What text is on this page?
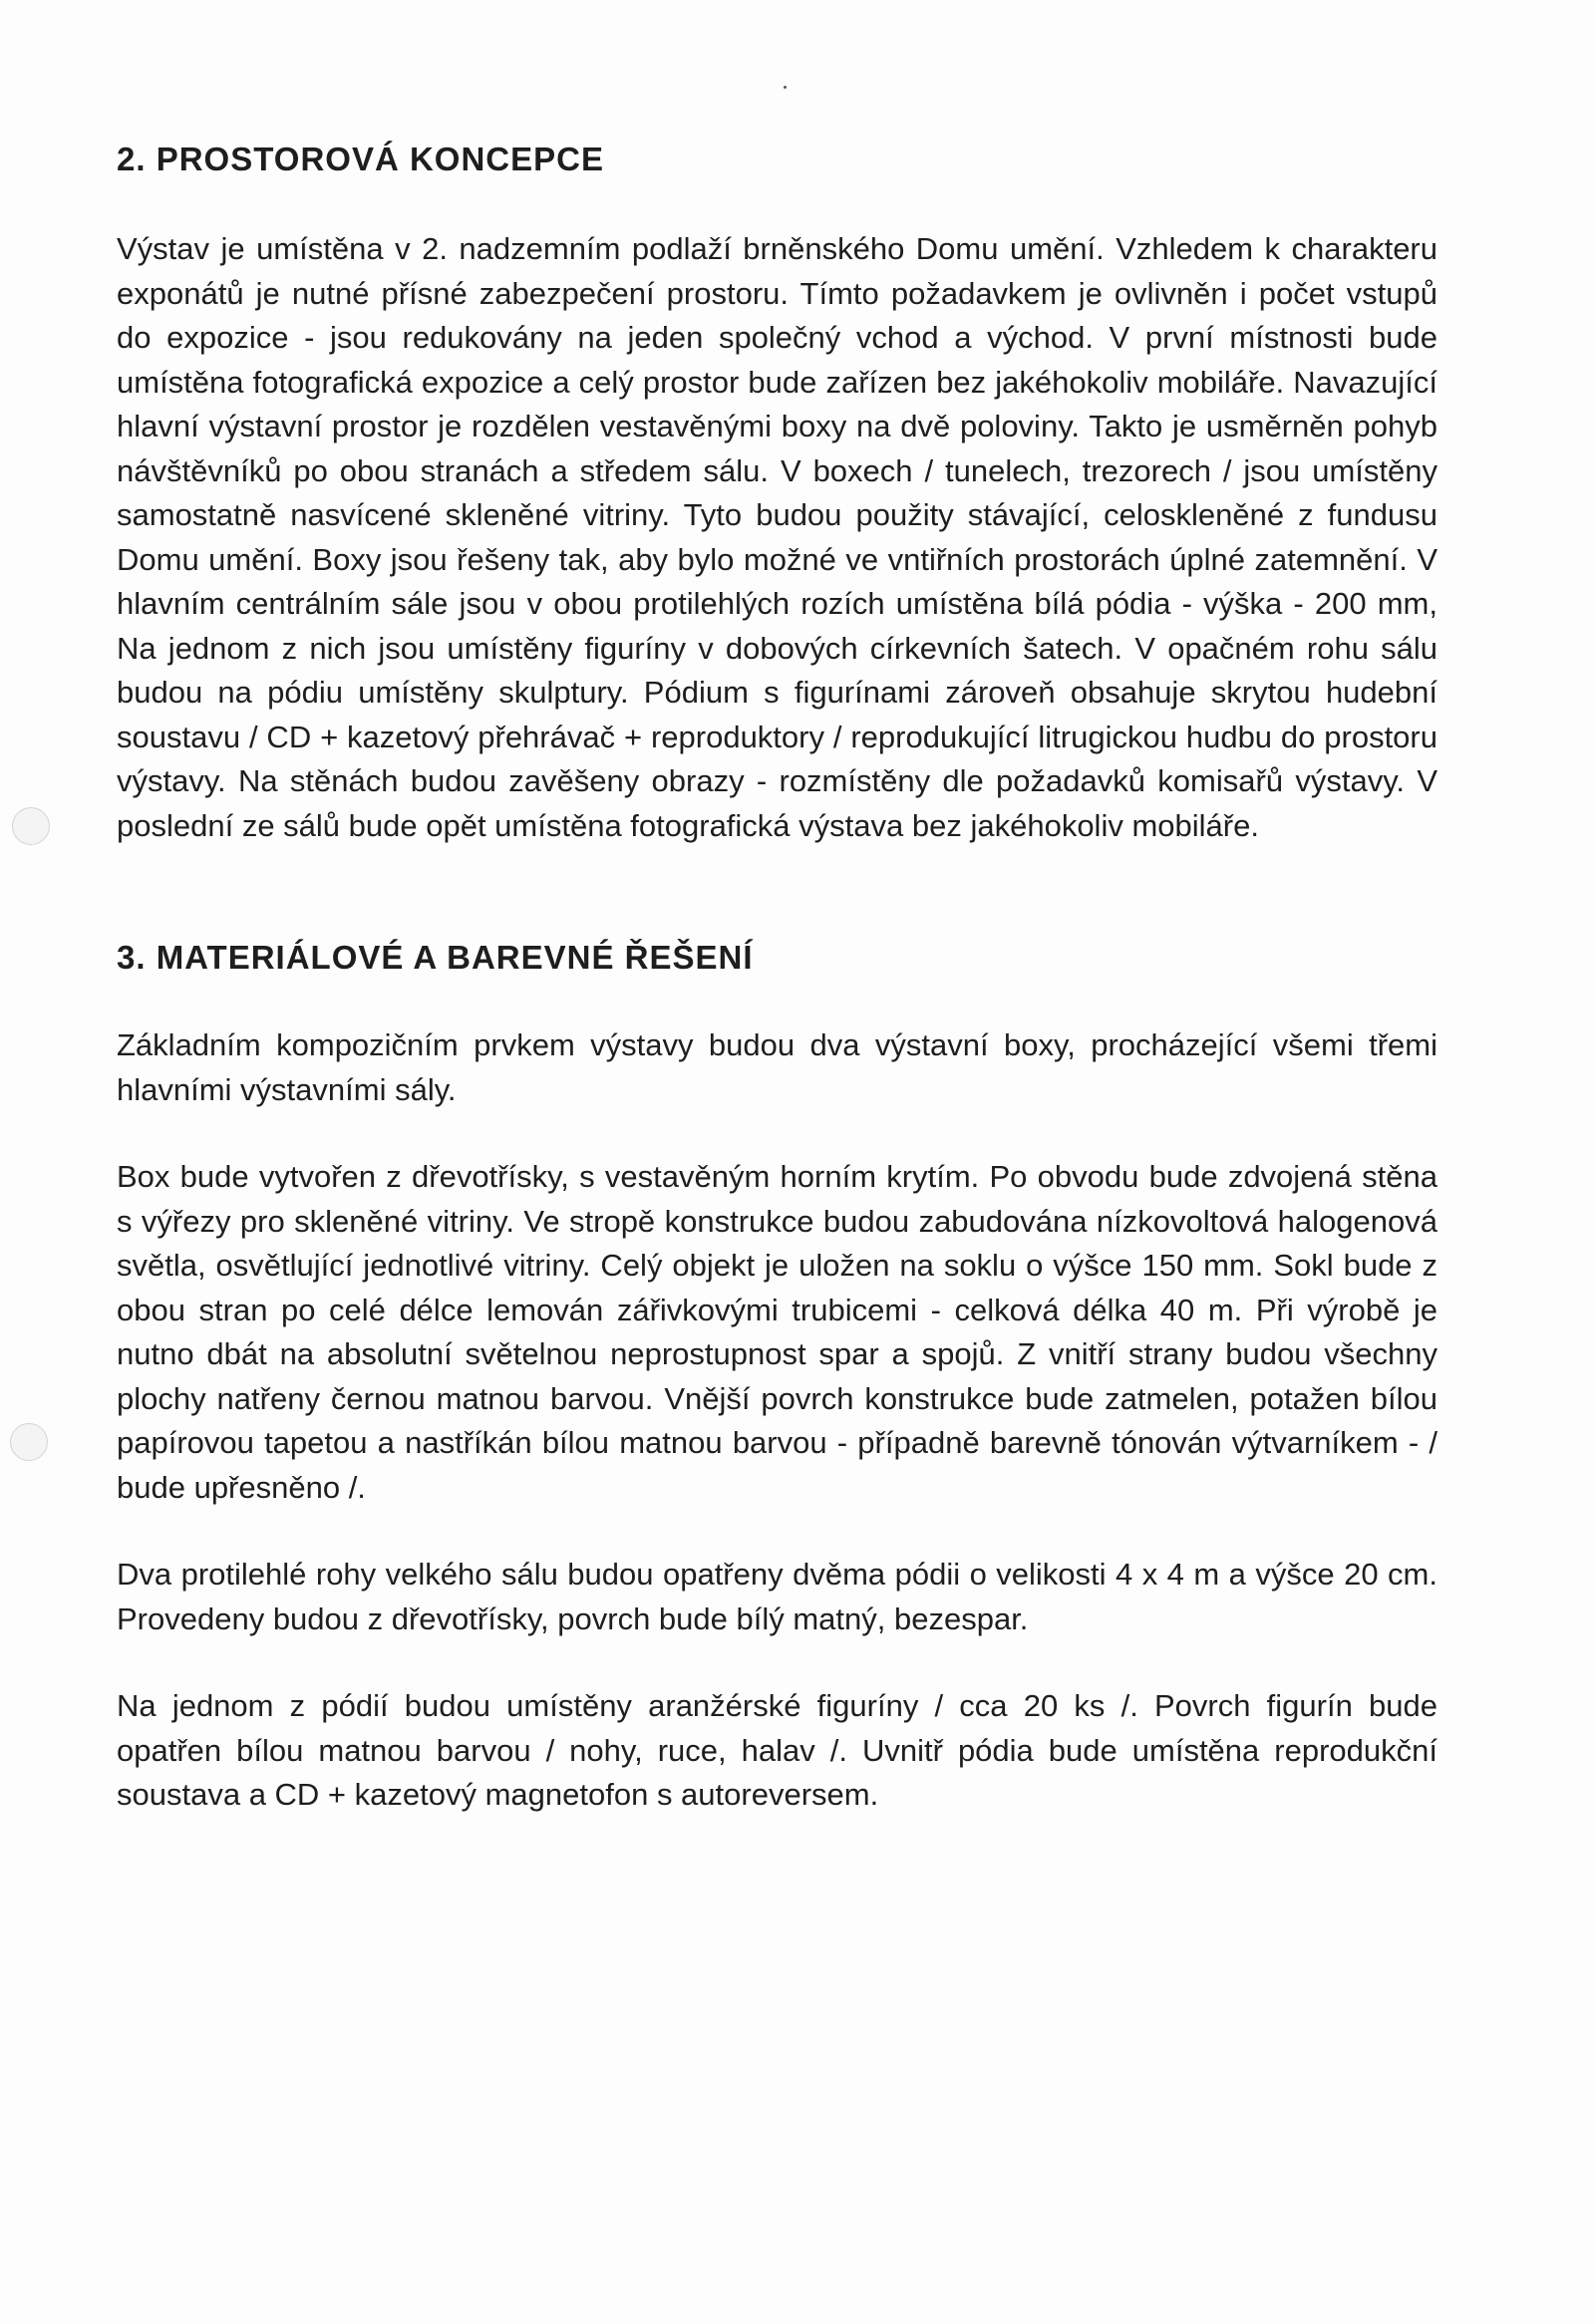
2. PROSTOROVÁ KONCEPCE

Výstav je umístěna v 2. nadzemním podlaží brněnského Domu umění. Vzhledem k charakteru exponátů je nutné přísné zabezpečení prostoru. Tímto požadavkem je ovlivněn i počet vstupů do expozice - jsou redukovány na jeden společný vchod a východ. V první místnosti bude umístěna fotografická expozice a celý prostor bude zařízen bez jakéhokoliv mobiláře. Navazující hlavní výstavní prostor je rozdělen vestavěnými boxy na dvě poloviny. Takto je usměrněn pohyb návštěvníků po obou stranách a středem sálu. V boxech / tunelech, trezorech / jsou umístěny samostatně nasvícené skleněné vitriny. Tyto budou použity stávající, celoskleněné z fundusu Domu umění. Boxy jsou řešeny tak, aby bylo možné ve vntiřních prostorách úplné zatemnění. V hlavním centrálním sále jsou v obou protilehlých rozích umístěna bílá pódia - výška - 200 mm, Na jednom z nich jsou umístěny figuríny v dobových církevních šatech. V opačném rohu sálu budou na pódiu umístěny skulptury. Pódium s figurínami zároveň obsahuje skrytou hudební soustavu / CD + kazetový přehrávač + reproduktory / reprodukující litrugickou hudbu do prostoru výstavy. Na stěnách budou zavěšeny obrazy - rozmístěny dle požadavků komisařů výstavy. V poslední ze sálů bude opět umístěna fotografická výstava bez jakéhokoliv mobiláře.

3. MATERIÁLOVÉ A BAREVNÉ ŘEŠENÍ

Základním kompozičním prvkem výstavy budou dva výstavní boxy, procházející všemi třemi hlavními výstavními sály.

Box bude vytvořen z dřevotřísky, s vestavěným horním krytím. Po obvodu bude zdvojená stěna s výřezy pro skleněné vitriny. Ve stropě konstrukce budou zabudována nízkovoltová halogenová světla, osvětlující jednotlivé vitriny. Celý objekt je uložen na soklu o výšce 150 mm. Sokl bude z obou stran po celé délce lemován zářivkovými trubicemi - celková délka 40 m. Při výrobě je nutno dbát na absolutní světelnou neprostupnost spar a spojů. Z vnitří strany budou všechny plochy natřeny černou matnou barvou. Vnější povrch konstrukce bude zatmelen, potažen bílou papírovou tapetou a nastříkán bílou matnou barvou - případně barevně tónován výtvarníkem - / bude upřesněno /.

Dva protilehlé rohy velkého sálu budou opatřeny dvěma pódii o velikosti 4 x 4 m a výšce 20 cm. Provedeny budou z dřevotřísky, povrch bude bílý matný, bezespar.

Na jednom z pódií budou umístěny aranžérské figuríny / cca 20 ks /. Povrch figurín bude opatřen bílou matnou barvou / nohy, ruce, halav /. Uvnitř pódia bude umístěna reprodukční soustava a CD + kazetový magnetofon s autoreversem.
